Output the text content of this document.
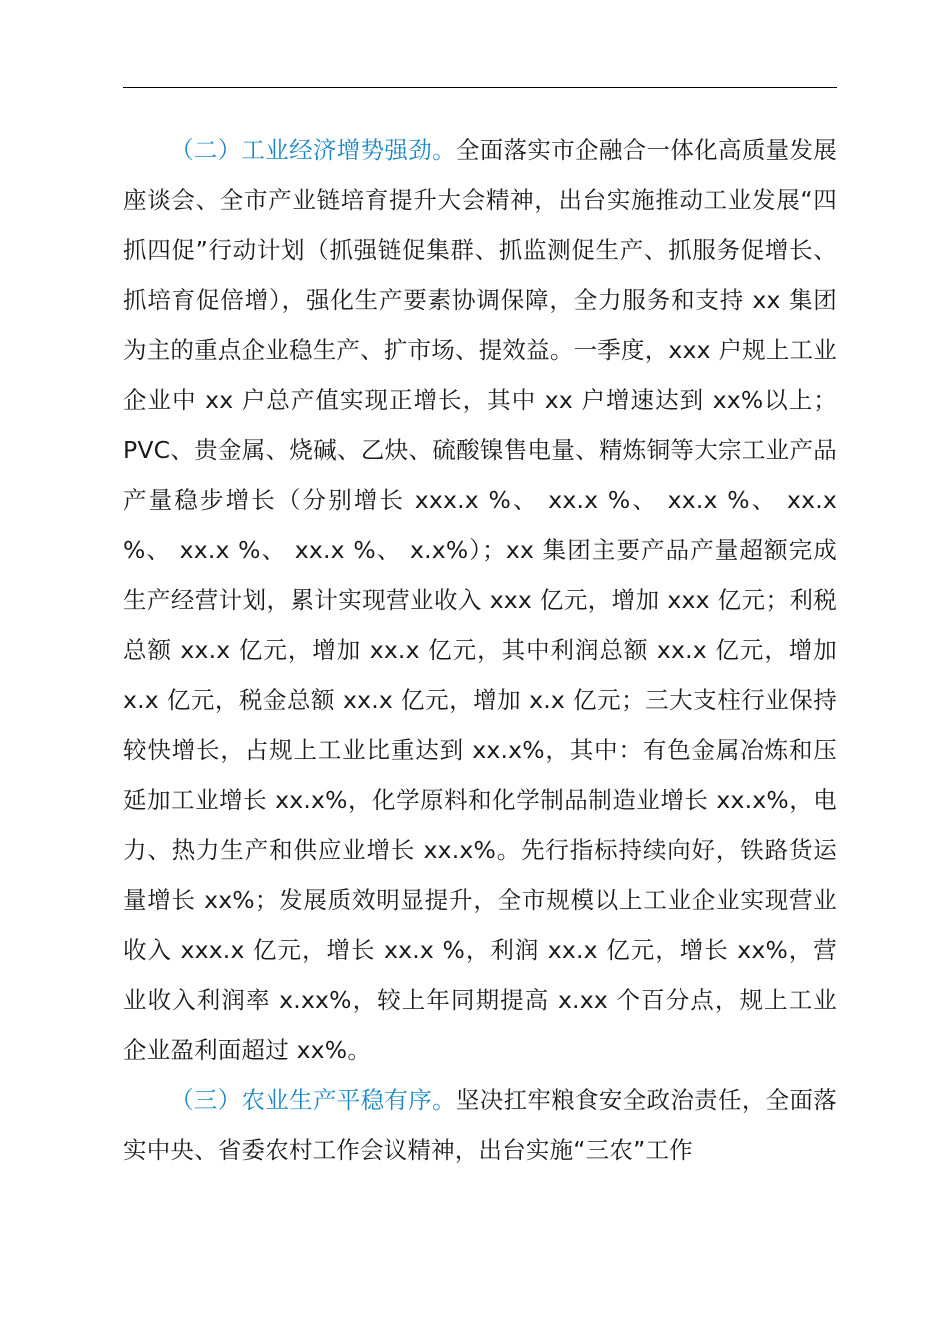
（二）工业经济增势强劲。全面落实市企融合一体化高质量发展座谈会、全市产业链培育提升大会精神，出台实施推动工业发展“四抓四促”行动计划（抓强链促集群、抓监测促生产、抓服务促增长、抓培育促倍增），强化生产要素协调保障，全力服务和支持 xx 集团为主的重点企业稳生产、扩市场、提效益。一季度，xxx 户规上工业企业中 xx 户总产值实现正增长，其中 xx 户增速达到 xx%以上；PVC、贵金属、烧碱、乙炔、硫酸镍售电量、精炼铜等大宗工业产品产量稳步增长（分别增长 xxx.x %、 xx.x %、 xx.x %、 xx.x %、 xx.x %、 xx.x %、 x.x%）；xx 集团主要产品产量超额完成生产经营计划，累计实现营业收入 xxx 亿元，增加 xxx 亿元；利税总额 xx.x 亿元，增加 xx.x 亿元，其中利润总额 xx.x 亿元，增加 x.x 亿元，税金总额 xx.x 亿元，增加 x.x 亿元；三大支柱行业保持较快增长，占规上工业比重达到 xx.x%，其中：有色金属冶炼和压延加工业增长 xx.x%，化学原料和化学制品制造业增长 xx.x%，电力、热力生产和供应业增长 xx.x%。先行指标持续向好，铁路货运量增长 xx%；发展质效明显提升，全市规模以上工业企业实现营业收入 xxx.x 亿元，增长 xx.x %，利润 xx.x 亿元，增长 xx%，营业收入利润率 x.xx%，较上年同期提高 x.xx 个百分点，规上工业企业盈利面超过 xx%。

（三）农业生产平稳有序。坚决扛牢粮食安全政治责任，全面落实中央、省委农村工作会议精神，出台实施“三农”工作
